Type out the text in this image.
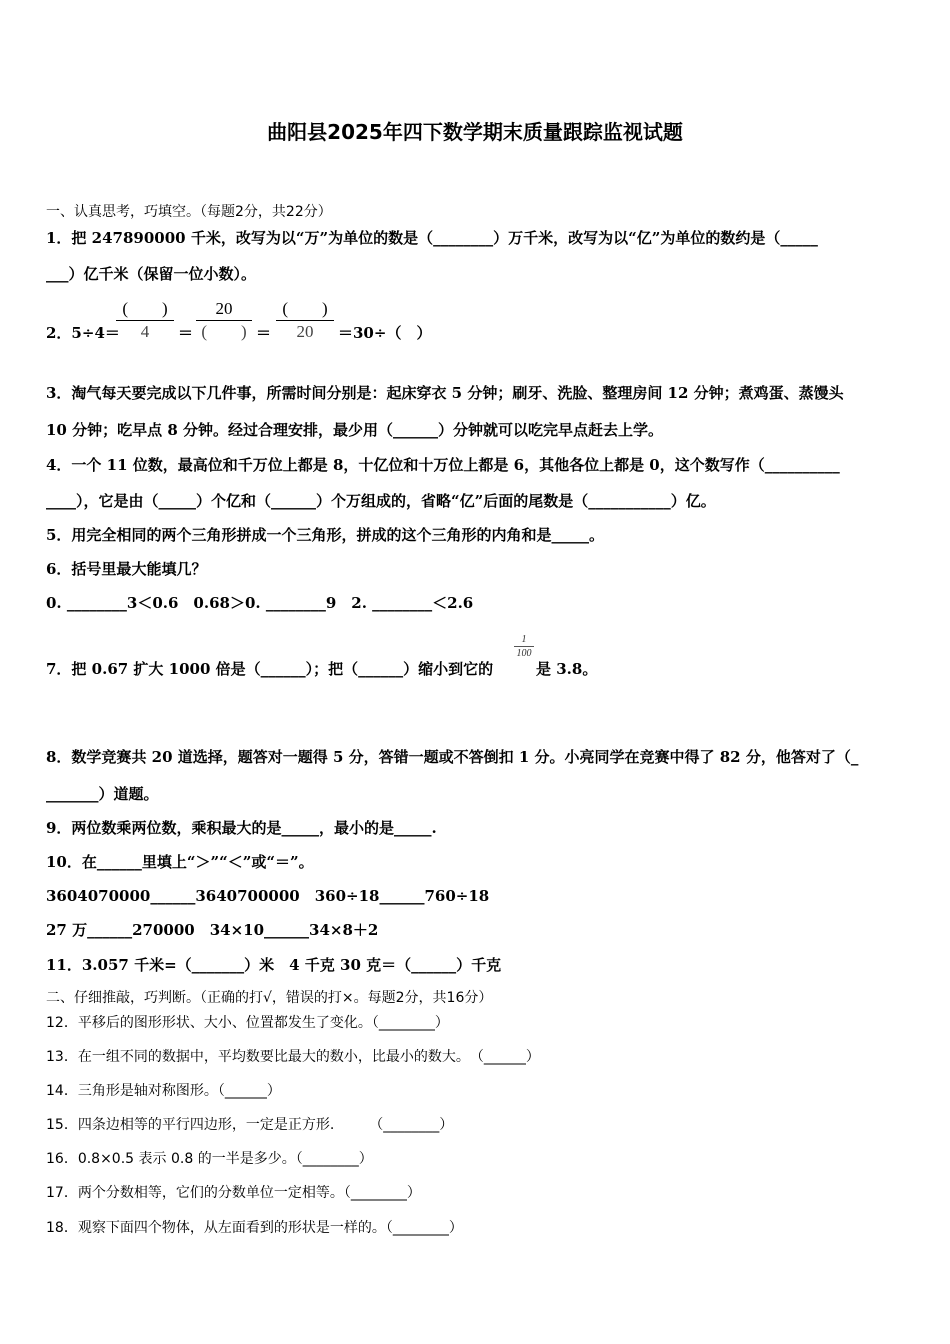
曲阳县2025年四下数学期末质量跟踪监视试题
一、认真思考，巧填空。（每题2分，共22分）
1．把 247890000 千米，改写为以“万”为单位的数是（________）万千米，改写为以“亿”为单位的数约是（_____
___）亿千米（保留一位小数）。
2．5÷4＝
(　　)
4	＝
20
(　　) ＝
(　　)
20	＝30÷（　）
3．淘气每天要完成以下几件事，所需时间分别是：起床穿衣 5 分钟；刷牙、洗脸、整理房间 12 分钟；煮鸡蛋、蒸馒头
10 分钟；吃早点 8 分钟。经过合理安排，最少用（______）分钟就可以吃完早点赶去上学。
4．一个 11 位数，最高位和千万位上都是 8，十亿位和十万位上都是 6，其他各位上都是 0，这个数写作（__________
____），它是由（_____）个亿和（______）个万组成的，省略“亿”后面的尾数是（___________）亿。
5．用完全相同的两个三角形拼成一个三角形，拼成的这个三角形的内角和是_____。
6．括号里最大能填几？
0. ________3＜0.6　0.68＞0. ________9　2. ________＜2.6
7．把 0.67 扩大 1000 倍是（______）；把（______）缩小到它的
1
100
是 3.8。
8．数学竞赛共 20 道选择，题答对一题得 5 分，答错一题或不答倒扣 1 分。小亮同学在竞赛中得了 82 分，他答对了（_
_______）道题。
9．两位数乘两位数，乘积最大的是_____，最小的是_____.
10．在______里填上“＞”“＜”或“＝”。
3604070000______3640700000　360÷18______760÷18
27 万______270000　34×10______34×8＋2
11．3.057 千米=（_______）米　4 千克 30 克＝（______）千克
二、仔细推敲，巧判断。（正确的打√，错误的打×。每题2分，共16分）
12．平移后的图形形状、大小、位置都发生了变化。（________）
13．在一组不同的数据中，平均数要比最大的数小，比最小的数大。　（______）
14．三角形是轴对称图形。（______）
15．四条边相等的平行四边形，一定是正方形.　　　（________）
16．0.8×0.5 表示 0.8 的一半是多少。（________）
17．两个分数相等，它们的分数单位一定相等。（________）
18．观察下面四个物体，从左面看到的形状是一样的。（________）
